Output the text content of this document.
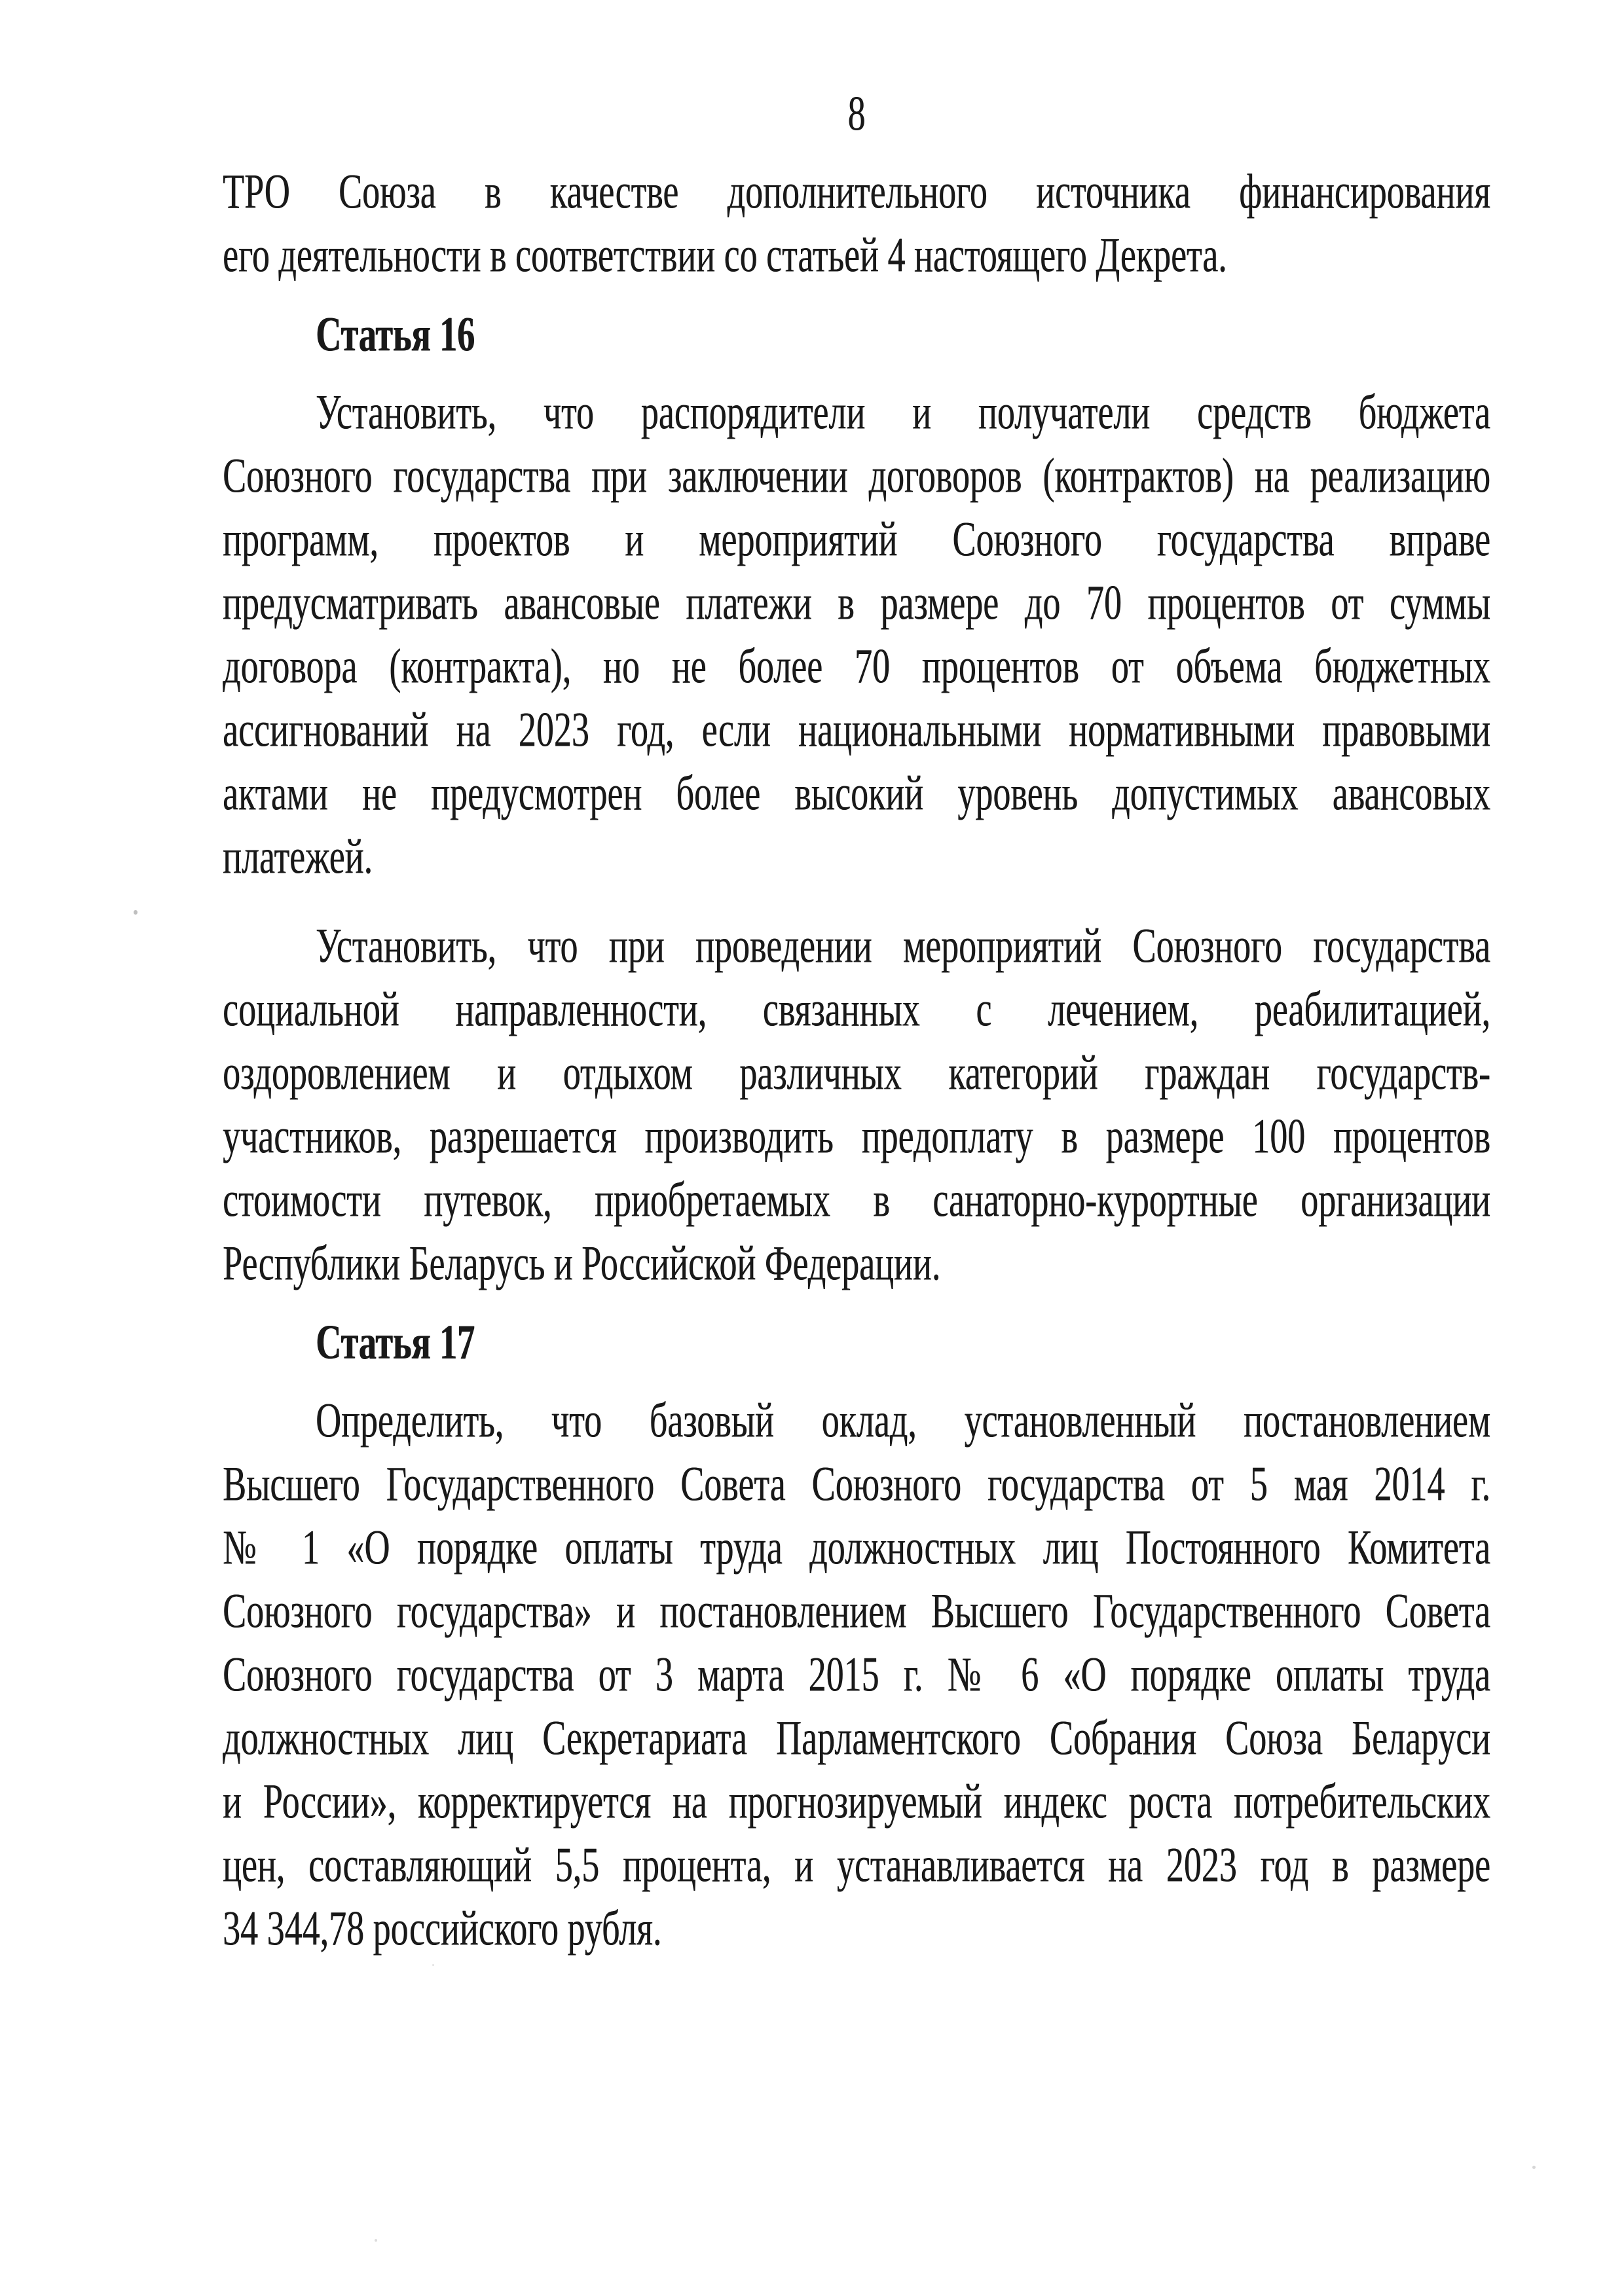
8

ТРО Союза в качестве дополнительного источника финансирования
его деятельности в соответствии со статьей 4 настоящего Декрета.

Статья 16

Установить, что распорядители и получатели средств бюджета
Союзного государства при заключении договоров (контрактов) на реализацию
программ, проектов и мероприятий Союзного государства вправе
предусматривать авансовые платежи в размере до 70 процентов от суммы
договора (контракта), но не более 70 процентов от объема бюджетных
ассигнований на 2023 год, если национальными нормативными правовыми
актами не предусмотрен более высокий уровень допустимых авансовых
платежей.

Установить, что при проведении мероприятий Союзного государства
социальной направленности, связанных с лечением, реабилитацией,
оздоровлением и отдыхом различных категорий граждан государств-
участников, разрешается производить предоплату в размере 100 процентов
стоимости путевок, приобретаемых в санаторно-курортные организации
Республики Беларусь и Российской Федерации.

Статья 17

Определить, что базовый оклад, установленный постановлением
Высшего Государственного Совета Союзного государства от 5 мая 2014 г.
№ 1 «О порядке оплаты труда должностных лиц Постоянного Комитета
Союзного государства» и постановлением Высшего Государственного Совета
Союзного государства от 3 марта 2015 г. № 6 «О порядке оплаты труда
должностных лиц Секретариата Парламентского Собрания Союза Беларуси
и России», корректируется на прогнозируемый индекс роста потребительских
цен, составляющий 5,5 процента, и устанавливается на 2023 год в размере
34 344,78 российского рубля.
